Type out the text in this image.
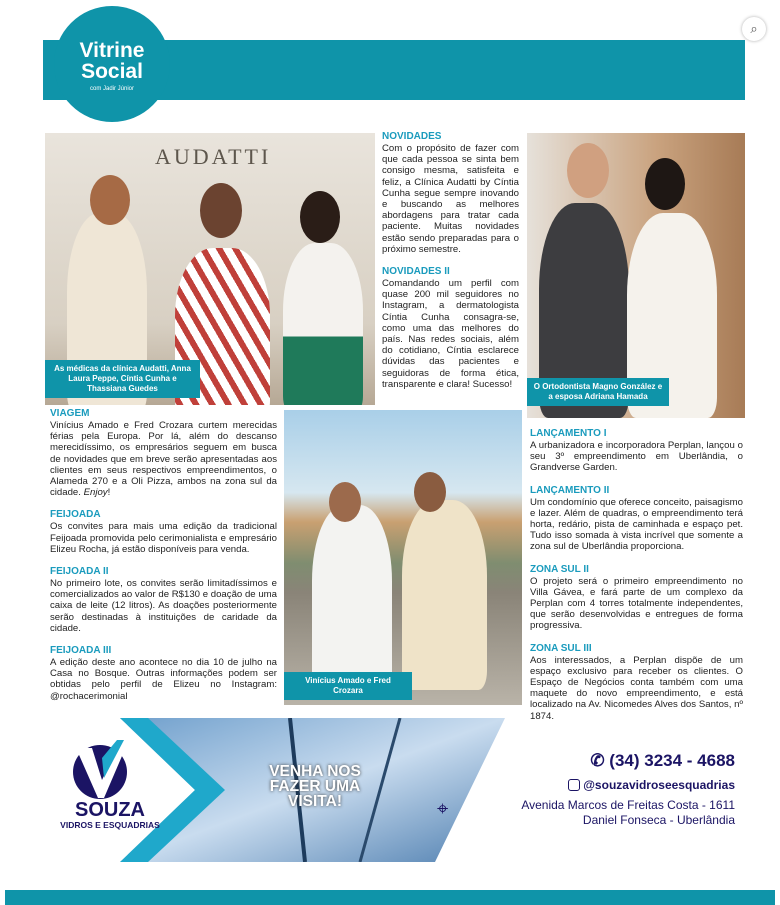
⌕
Vitrine
Social
com Jadir Júnior
AUDATTI
As médicas da clínica Audatti, Anna Laura Peppe, Cíntia Cunha e Thassiana Guedes
NOVIDADES

Com o propósito de fazer com que cada pessoa se sinta bem consigo mesma, satisfeita e feliz, a Clínica Audatti by Cíntia Cunha segue sempre inovando e buscando as melhores abordagens para tratar cada paciente. Muitas novidades estão sendo preparadas para o próximo semestre.

NOVIDADES II

Comandando um perfil com quase 200 mil seguidores no Instagram, a dermatologista Cíntia Cunha consagra-se, como uma das melhores do país. Nas redes sociais, além do cotidiano, Cíntia esclarece dúvidas das pacientes e seguidoras de forma ética, transparente e clara! Sucesso!	O Ortodontista Magno González e a esposa Adriana Hamada
VIAGEM

Vinícius Amado e Fred Crozara curtem merecidas férias pela Europa. Por lá, além do descanso merecidíssimo, os empresários seguem em busca de novidades que em breve serão apresentadas aos clientes em seus respectivos empreendimentos, o Alameda 270 e a Oli Pizza, ambos na zona sul da cidade. Enjoy!

FEIJOADA

Os convites para mais uma edição da tradicional Feijoada promovida pelo cerimonialista e empresário Elizeu Rocha, já estão disponíveis para venda.

FEIJOADA II

No primeiro lote, os convites serão limitadíssimos e comercializados ao valor de R$130 e doação de uma caixa de leite (12 litros). As doações posteriormente serão destinadas à instituições de caridade da cidade.

FEIJOADA III

A edição deste ano acontece no dia 10 de julho na Casa no Bosque. Outras informações podem ser obtidas pelo perfil de Elizeu no Instagram: @rochacerimonial

Vinícius Amado e Fred Crozara
LANÇAMENTO I

A urbanizadora e incorporadora Perplan, lançou o seu 3º empreendimento em Uberlândia, o Grandverse Garden.

LANÇAMENTO II

Um condomínio que oferece conceito, paisagismo e lazer. Além de quadras, o empreendimento terá horta, redário, pista de caminhada e espaço pet. Tudo isso somada à vista incrível que somente a zona sul de Uberlândia proporciona.

ZONA SUL II

O projeto será o primeiro empreendimento no Villa Gávea, e fará parte de um complexo da Perplan com 4 torres totalmente independentes, que serão desenvolvidas e entregues de forma progressiva.

ZONA SUL III

Aos interessados, a Perplan dispõe de um espaço exclusivo para receber os clientes. O Espaço de Negócios conta também com uma maquete do novo empreendimento, e está localizado na Av. Nicomedes Alves dos Santos, nº 1874.

SOUZA
VIDROS E ESQUADRIAS
VENHA NOS
FAZER UMA
VISITA!
✆ (34) 3234 - 4688
@souzavidroseesquadrias
⌖	Avenida Marcos de Freitas Costa - 1611
Daniel Fonseca - Uberlândia
